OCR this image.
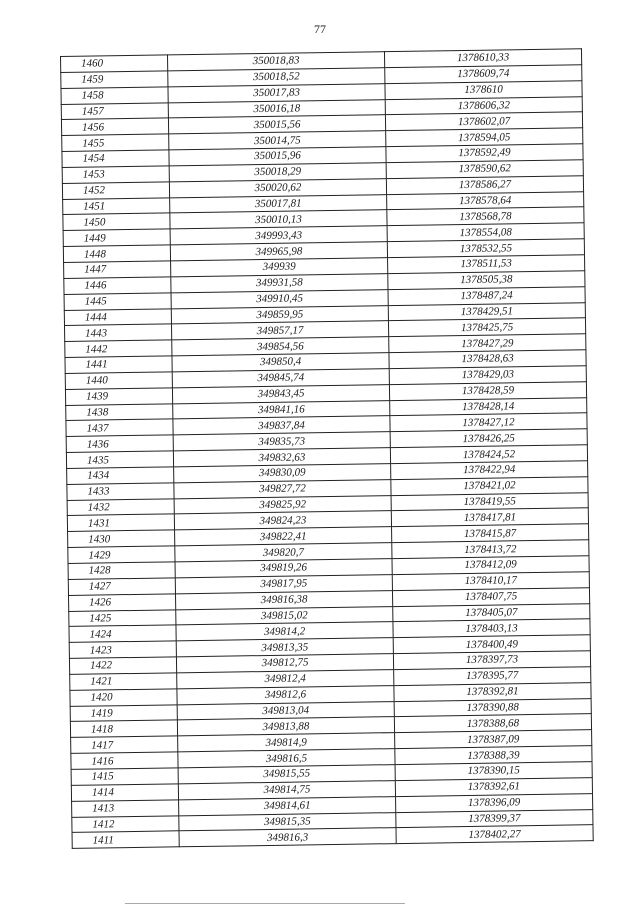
77
1460	350018,83	1378610,33
1459	350018,52	1378609,74
1458	350017,83	1378610
1457	350016,18	1378606,32
1456	350015,56	1378602,07
1455	350014,75	1378594,05
1454	350015,96	1378592,49
1453	350018,29	1378590,62
1452	350020,62	1378586,27
1451	350017,81	1378578,64
1450	350010,13	1378568,78
1449	349993,43	1378554,08
1448	349965,98	1378532,55
1447	349939	1378511,53
1446	349931,58	1378505,38
1445	349910,45	1378487,24
1444	349859,95	1378429,51
1443	349857,17	1378425,75
1442	349854,56	1378427,29
1441	349850,4	1378428,63
1440	349845,74	1378429,03
1439	349843,45	1378428,59
1438	349841,16	1378428,14
1437	349837,84	1378427,12
1436	349835,73	1378426,25
1435	349832,63	1378424,52
1434	349830,09	1378422,94
1433	349827,72	1378421,02
1432	349825,92	1378419,55
1431	349824,23	1378417,81
1430	349822,41	1378415,87
1429	349820,7	1378413,72
1428	349819,26	1378412,09
1427	349817,95	1378410,17
1426	349816,38	1378407,75
1425	349815,02	1378405,07
1424	349814,2	1378403,13
1423	349813,35	1378400,49
1422	349812,75	1378397,73
1421	349812,4	1378395,77
1420	349812,6	1378392,81
1419	349813,04	1378390,88
1418	349813,88	1378388,68
1417	349814,9	1378387,09
1416	349816,5	1378388,39
1415	349815,55	1378390,15
1414	349814,75	1378392,61
1413	349814,61	1378396,09
1412	349815,35	1378399,37
1411	349816,3	1378402,27
